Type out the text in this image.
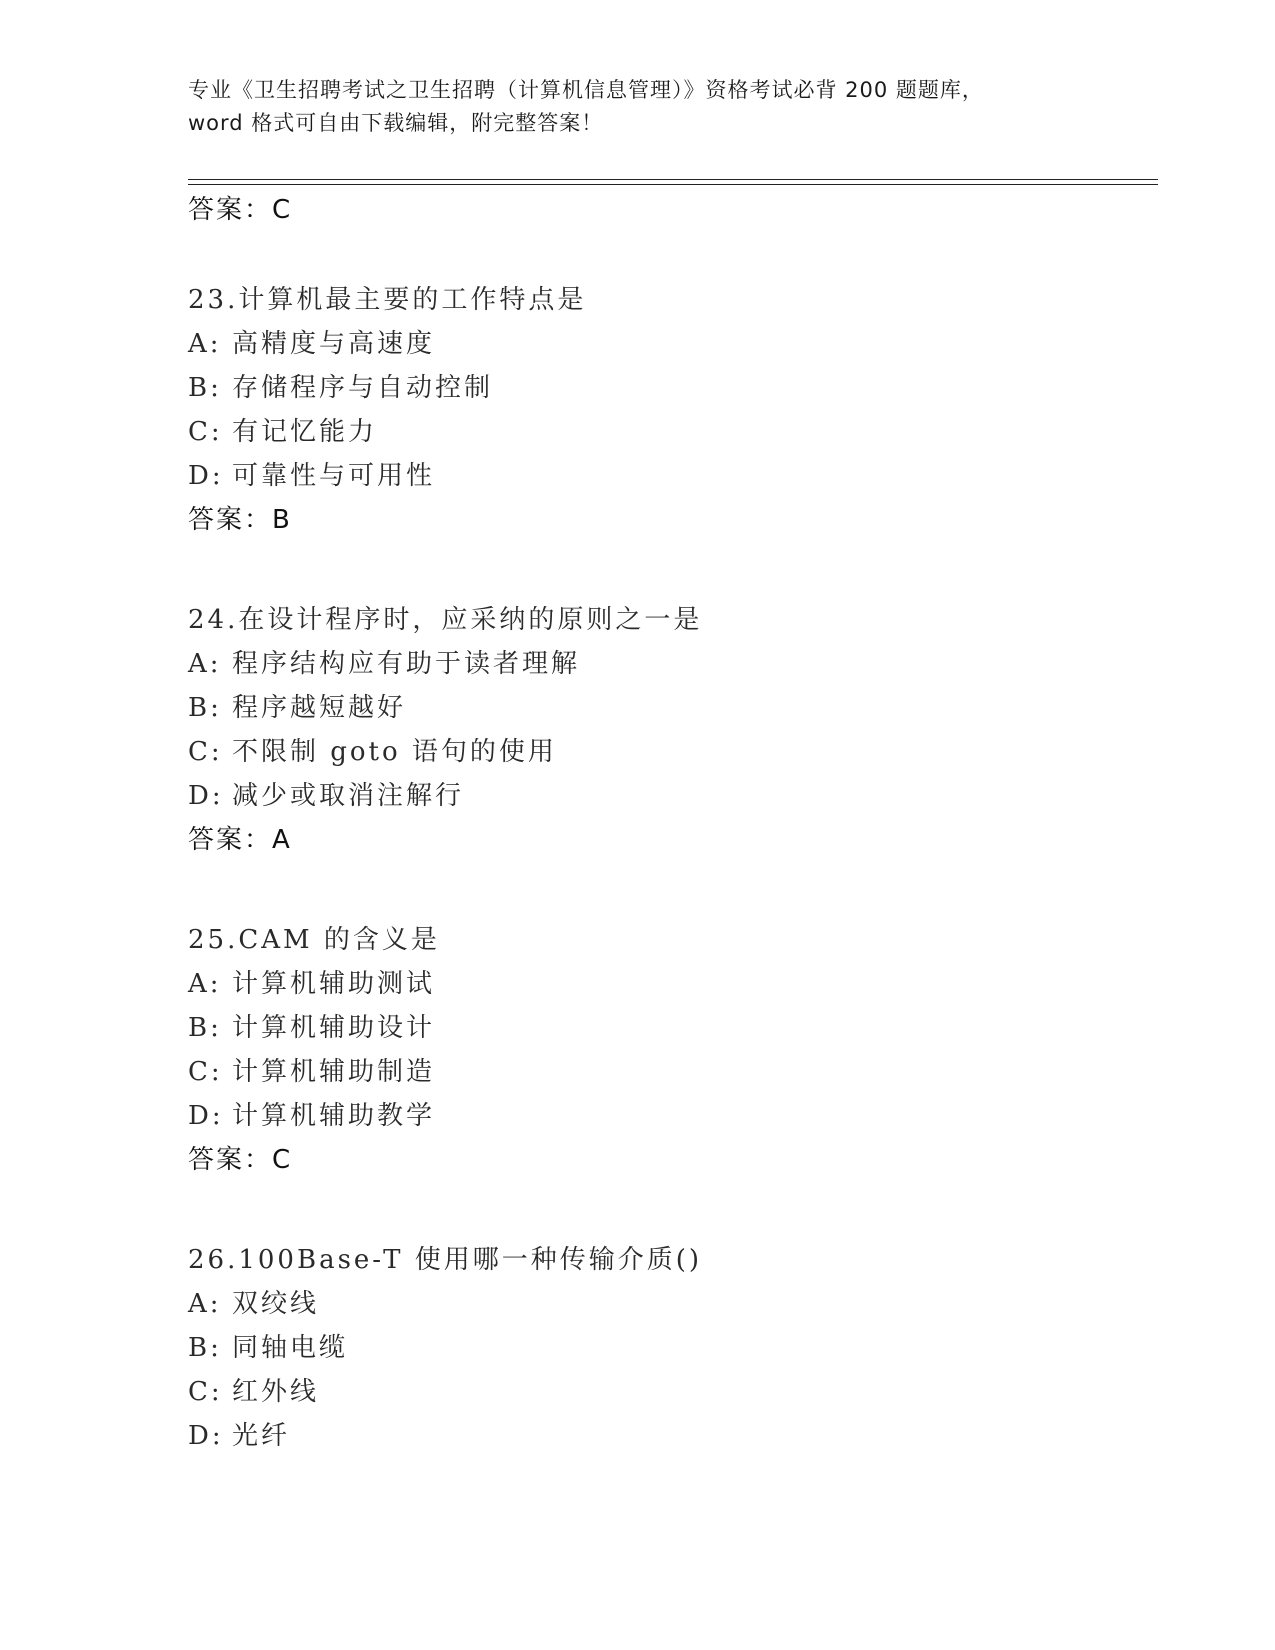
专业《卫生招聘考试之卫生招聘（计算机信息管理）》资格考试必背 200 题题库，
word 格式可自由下载编辑，附完整答案！
答案：C
23.计算机最主要的工作特点是
A: 高精度与高速度
B: 存储程序与自动控制
C: 有记忆能力
D: 可靠性与可用性
答案：B
24.在设计程序时，应采纳的原则之一是
A: 程序结构应有助于读者理解
B: 程序越短越好
C: 不限制 goto 语句的使用
D: 减少或取消注解行
答案：A
25.CAM 的含义是
A: 计算机辅助测试
B: 计算机辅助设计
C: 计算机辅助制造
D: 计算机辅助教学
答案：C
26.100Base-T 使用哪一种传输介质()
A: 双绞线
B: 同轴电缆
C: 红外线
D: 光纤
